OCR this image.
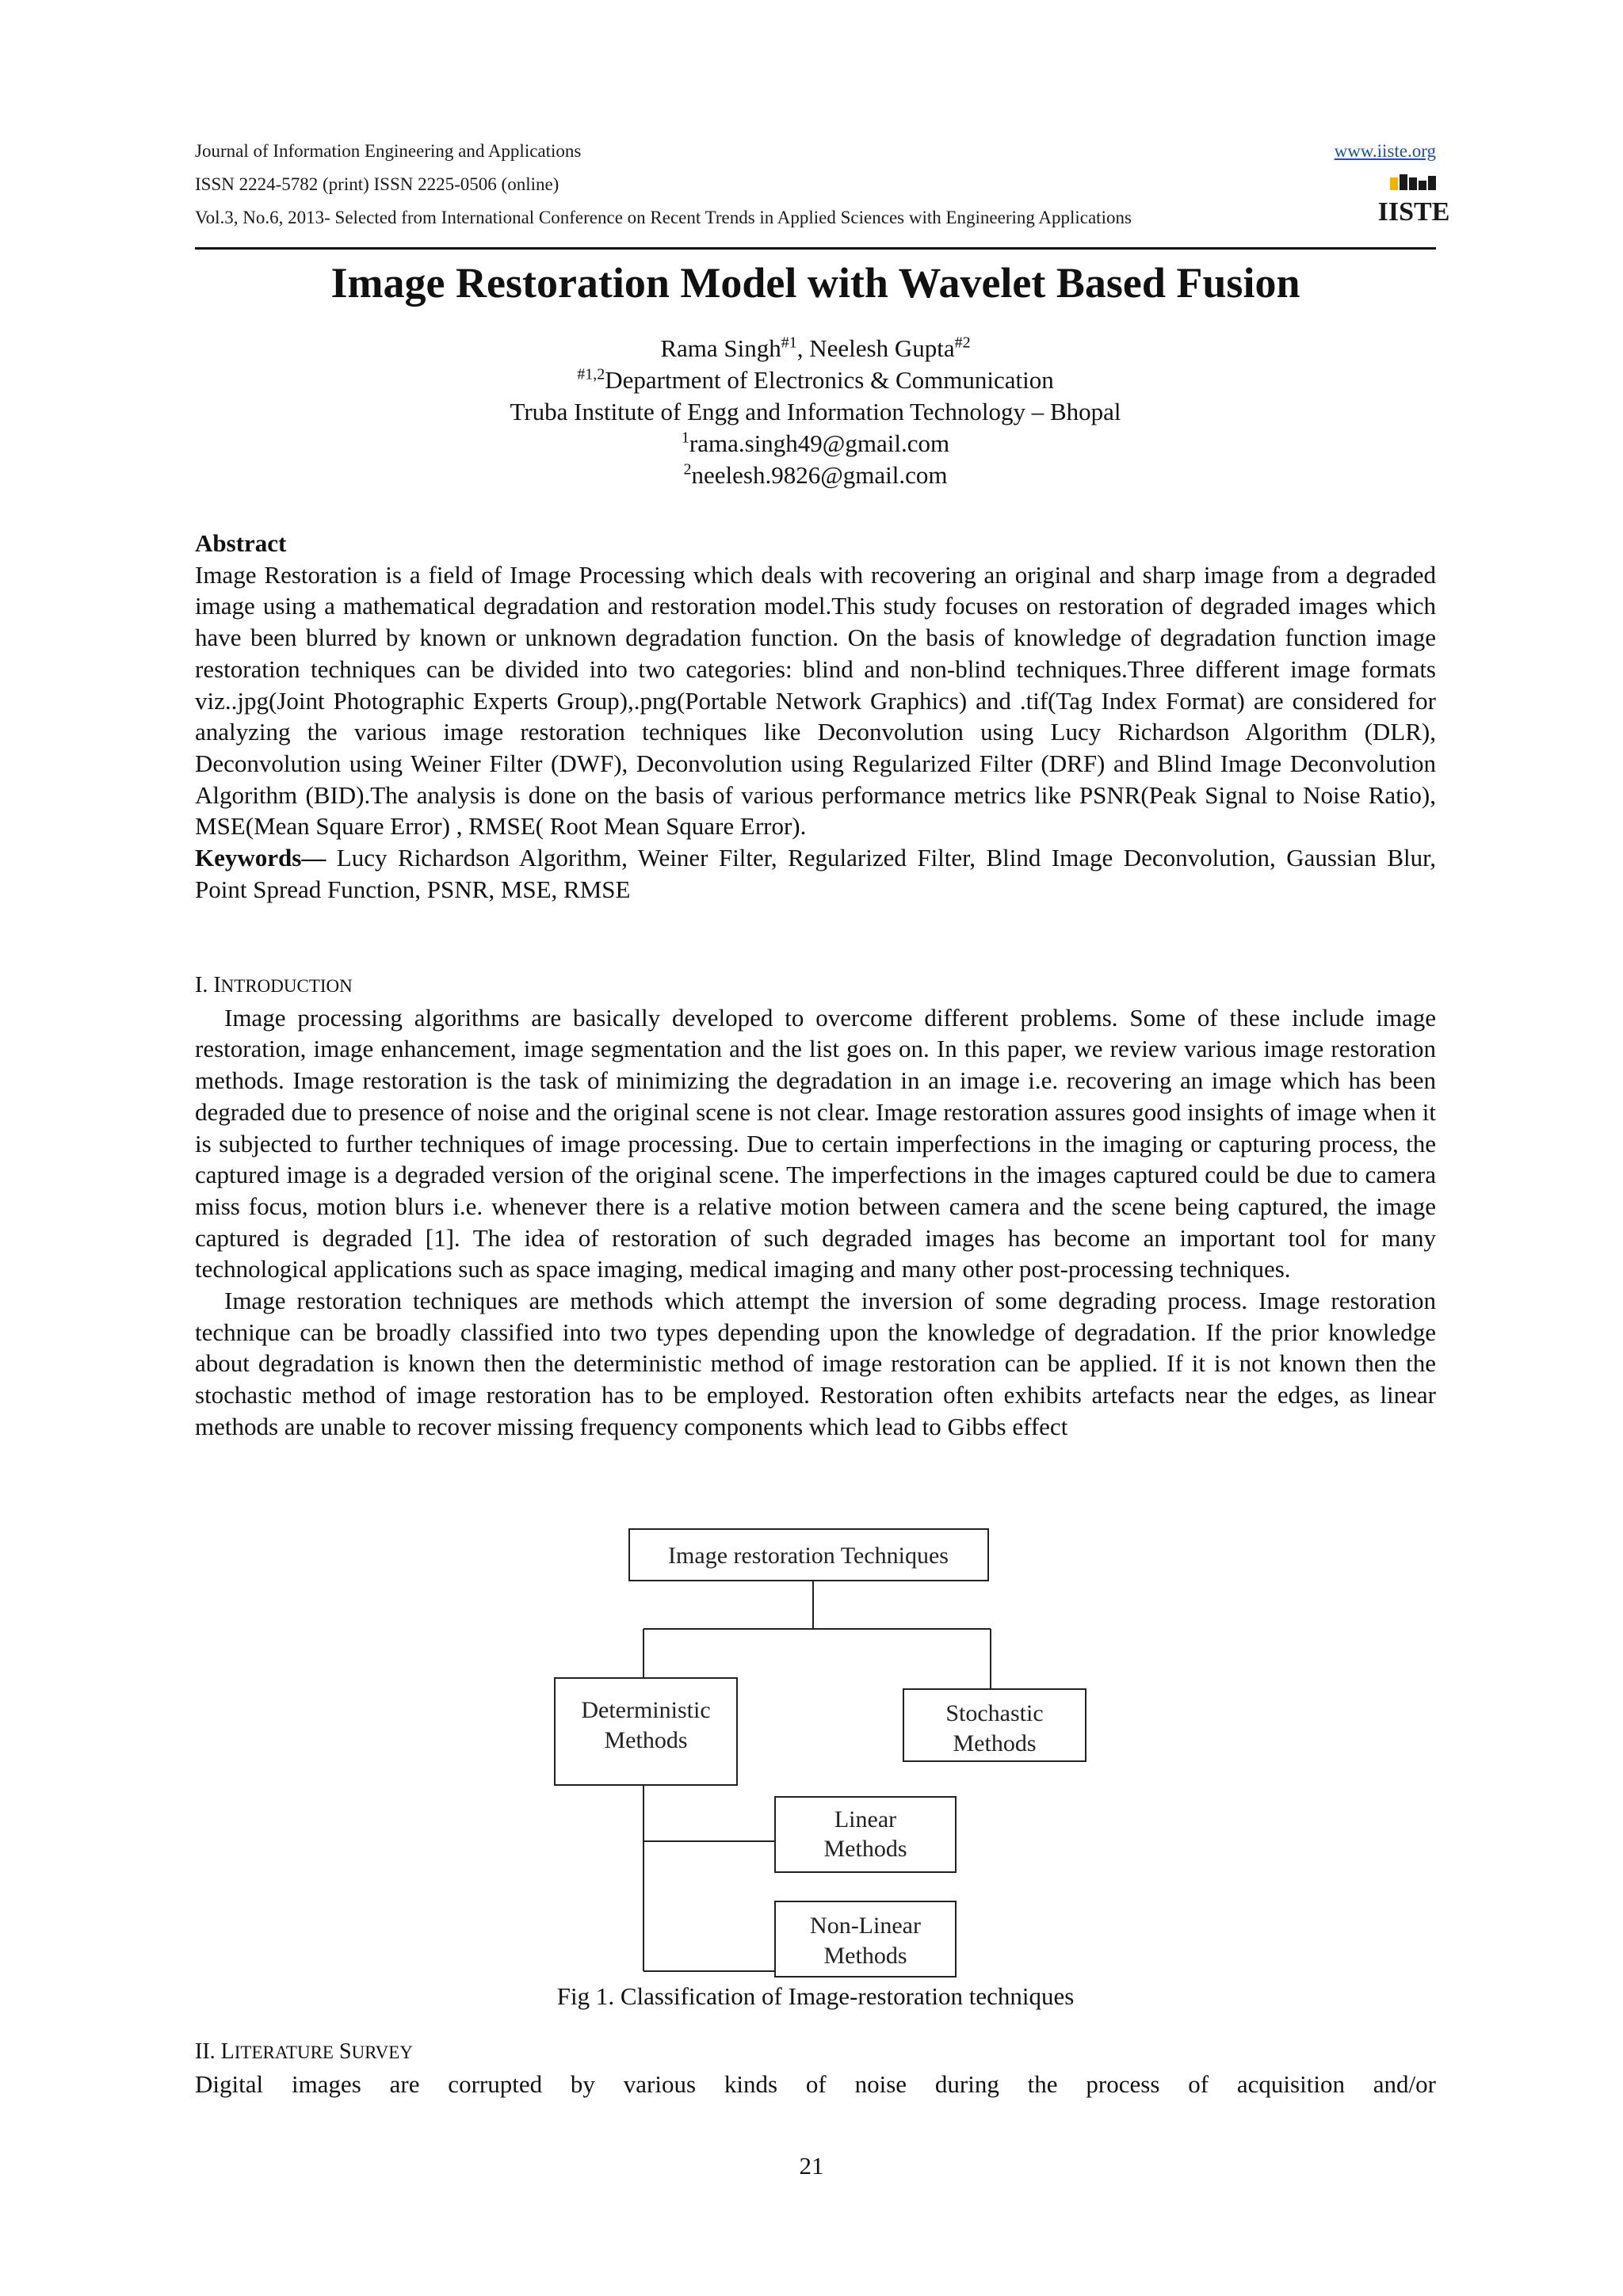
Journal of Information Engineering and Applications	www.iiste.org
ISSN 2224-5782 (print) ISSN 2225-0506 (online)
Vol.3, No.6, 2013- Selected from International Conference on Recent Trends in Applied Sciences with Engineering Applications	IISTE
Image Restoration Model with Wavelet Based Fusion
Rama Singh$^{\#1}$, Neelesh Gupta$^{\#2}$
$^{\#1,2}$Department of Electronics & Communication
Truba Institute of Engg and Information Technology – Bhopal
$^1$rama.singh49@gmail.com
$^2$neelesh.9826@gmail.com
Abstract

Image Restoration is a field of Image Processing which deals with recovering an original and sharp image from a degraded image using a mathematical degradation and restoration model.This study focuses on restoration of degraded images which have been blurred by known or unknown degradation function. On the basis of knowledge of degradation function image restoration techniques can be divided into two categories: blind and non-blind techniques.Three different image formats viz..jpg(Joint Photographic Experts Group),.png(Portable Network Graphics) and .tif(Tag Index Format) are considered for analyzing the various image restoration techniques like Deconvolution using Lucy Richardson Algorithm (DLR), Deconvolution using Weiner Filter (DWF), Deconvolution using Regularized Filter (DRF) and Blind Image Deconvolution Algorithm (BID).The analysis is done on the basis of various performance metrics like PSNR(Peak Signal to Noise Ratio), MSE(Mean Square Error) , RMSE( Root Mean Square Error).

Keywords— Lucy Richardson Algorithm, Weiner Filter, Regularized Filter, Blind Image Deconvolution, Gaussian Blur, Point Spread Function, PSNR, MSE, RMSE

I. INTRODUCTION

Image processing algorithms are basically developed to overcome different problems. Some of these include image restoration, image enhancement, image segmentation and the list goes on. In this paper, we review various image restoration methods. Image restoration is the task of minimizing the degradation in an image i.e. recovering an image which has been degraded due to presence of noise and the original scene is not clear. Image restoration assures good insights of image when it is subjected to further techniques of image processing. Due to certain imperfections in the imaging or capturing process, the captured image is a degraded version of the original scene. The imperfections in the images captured could be due to camera miss focus, motion blurs i.e. whenever there is a relative motion between camera and the scene being captured, the image captured is degraded [1]. The idea of restoration of such degraded images has become an important tool for many technological applications such as space imaging, medical imaging and many other post-processing techniques.

Image restoration techniques are methods which attempt the inversion of some degrading process. Image restoration technique can be broadly classified into two types depending upon the knowledge of degradation. If the prior knowledge about degradation is known then the deterministic method of image restoration can be applied. If it is not known then the stochastic method of image restoration has to be employed. Restoration often exhibits artefacts near the edges, as linear methods are unable to recover missing frequency components which lead to Gibbs effect

Image restoration Techniques
Deterministic
Methods
Stochastic
Methods
Linear
Methods
Non-Linear
Methods
Fig 1. Classification of Image-restoration techniques
II. LITERATURE SURVEY

Digital images are corrupted by various kinds of noise during the process of acquisition and/or

21
